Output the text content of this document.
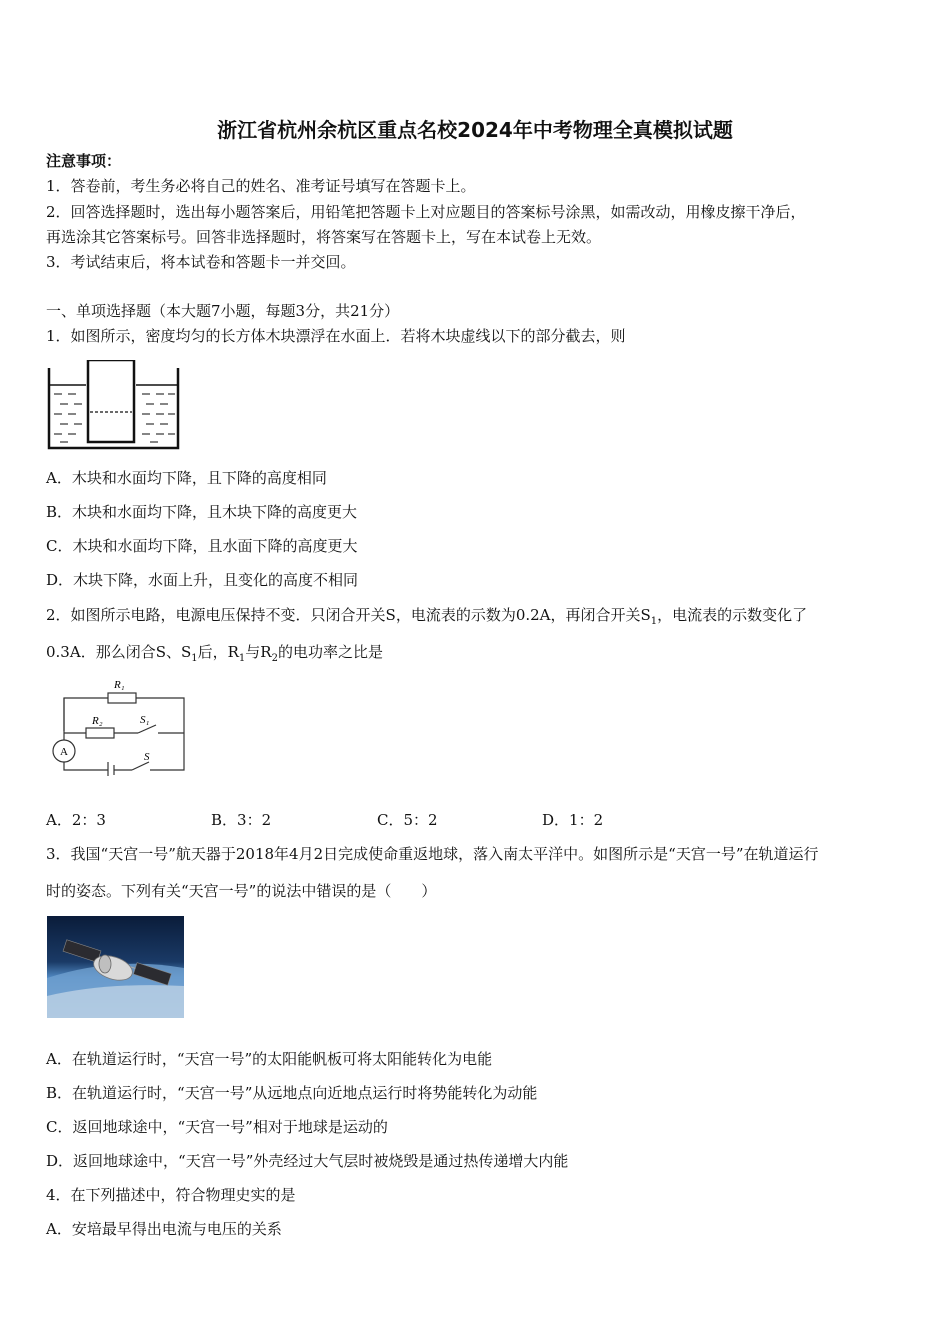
浙江省杭州余杭区重点名校2024年中考物理全真模拟试题
注意事项：
1．答卷前，考生务必将自己的姓名、准考证号填写在答题卡上。
2．回答选择题时，选出每小题答案后，用铅笔把答题卡上对应题目的答案标号涂黑，如需改动，用橡皮擦干净后，
再选涂其它答案标号。回答非选择题时，将答案写在答题卡上，写在本试卷上无效。
3．考试结束后，将本试卷和答题卡一并交回。
一、单项选择题（本大题7小题，每题3分，共21分）
1．如图所示，密度均匀的长方体木块漂浮在水面上．若将木块虚线以下的部分截去，则
A．木块和水面均下降，且下降的高度相同
B．木块和水面均下降，且木块下降的高度更大
C．木块和水面均下降，且水面下降的高度更大
D．木块下降，水面上升，且变化的高度不相同
2．如图所示电路，电源电压保持不变．只闭合开关S，电流表的示数为0.2A，再闭合开关$S_1$，电流表的示数变化了
0.3A．那么闭合S、$S_1$后，$R_1$与$R_2$的电功率之比是
R₁
R₂	S₁
S
A
A．2：3	B．3：2	C．5：2	D．1：2
3．我国“天宫一号”航天器于2018年4月2日完成使命重返地球，落入南太平洋中。如图所示是“天宫一号”在轨道运行
时的姿态。下列有关“天宫一号”的说法中错误的是（　　）
A．在轨道运行时，“天宫一号”的太阳能帆板可将太阳能转化为电能
B．在轨道运行时，“天宫一号”从远地点向近地点运行时将势能转化为动能
C．返回地球途中，“天宫一号”相对于地球是运动的
D．返回地球途中，“天宫一号”外壳经过大气层时被烧毁是通过热传递增大内能
4．在下列描述中，符合物理史实的是
A．安培最早得出电流与电压的关系
